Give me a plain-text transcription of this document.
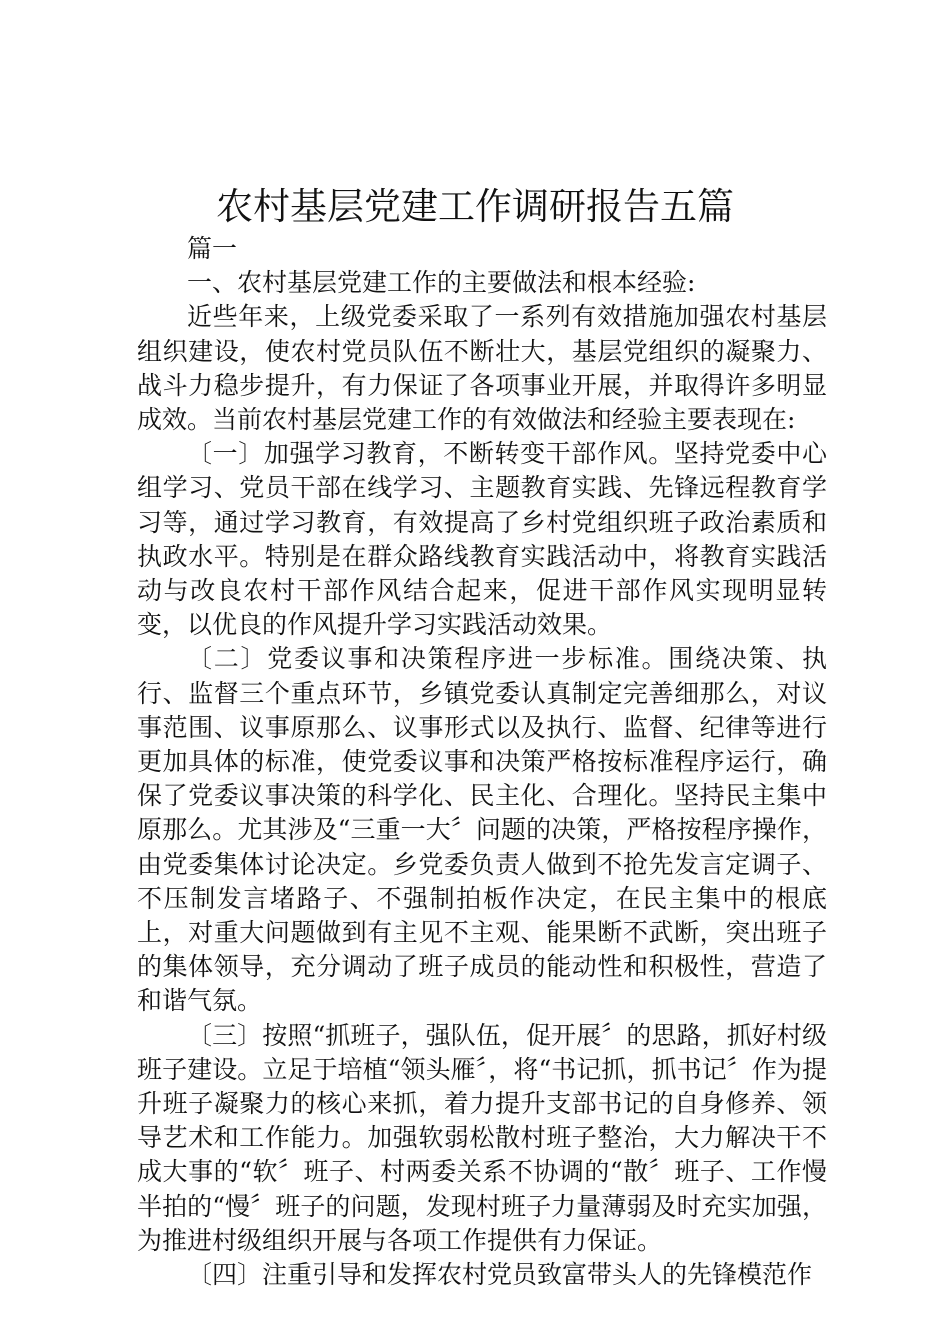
农村基层党建工作调研报告五篇

篇一

一、农村基层党建工作的主要做法和根本经验:

近些年来，上级党委采取了一系列有效措施加强农村基层组织建设，使农村党员队伍不断壮大，基层党组织的凝聚力、战斗力稳步提升，有力保证了各项事业开展，并取得许多明显成效。当前农村基层党建工作的有效做法和经验主要表现在:

〔一〕加强学习教育，不断转变干部作风。坚持党委中心组学习、党员干部在线学习、主题教育实践、先锋远程教育学习等，通过学习教育，有效提高了乡村党组织班子政治素质和执政水平。特别是在群众路线教育实践活动中，将教育实践活动与改良农村干部作风结合起来，促进干部作风实现明显转变，以优良的作风提升学习实践活动效果。

〔二〕党委议事和决策程序进一步标准。围绕决策、执行、监督三个重点环节，乡镇党委认真制定完善细那么，对议事范围、议事原那么、议事形式以及执行、监督、纪律等进行更加具体的标准，使党委议事和决策严格按标准程序运行，确保了党委议事决策的科学化、民主化、合理化。坚持民主集中原那么。尤其涉及“三重一大〞问题的决策，严格按程序操作，由党委集体讨论决定。乡党委负责人做到不抢先发言定调子、不压制发言堵路子、不强制拍板作决定，在民主集中的根底上，对重大问题做到有主见不主观、能果断不武断，突出班子的集体领导，充分调动了班子成员的能动性和积极性，营造了和谐气氛。

〔三〕按照“抓班子，强队伍，促开展〞的思路，抓好村级班子建设。立足于培植“领头雁〞，将“书记抓，抓书记〞作为提升班子凝聚力的核心来抓，着力提升支部书记的自身修养、领导艺术和工作能力。加强软弱松散村班子整治，大力解决干不成大事的“软〞班子、村两委关系不协调的“散〞班子、工作慢半拍的“慢〞班子的问题，发现村班子力量薄弱及时充实加强，为推进村级组织开展与各项工作提供有力保证。

〔四〕注重引导和发挥农村党员致富带头人的先锋模范作
